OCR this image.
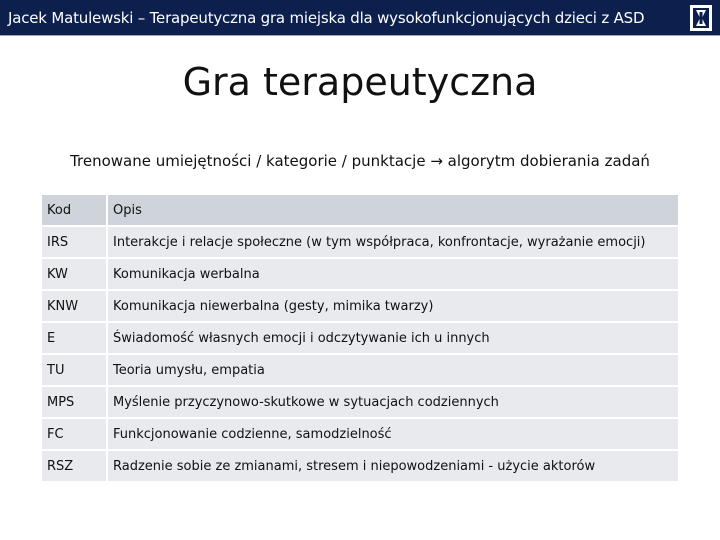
Jacek Matulewski – Terapeutyczna gra miejska dla wysokofunkcjonujących dzieci z ASD
Gra terapeutyczna
Trenowane umiejętności / kategorie / punktacje → algorytm dobierania zadań
Kod	Opis
IRS	Interakcje i relacje społeczne (w tym współpraca, konfrontacje, wyrażanie emocji)
KW	Komunikacja werbalna
KNW	Komunikacja niewerbalna (gesty, mimika twarzy)
E	Świadomość własnych emocji i odczytywanie ich u innych
TU	Teoria umysłu, empatia
MPS	Myślenie przyczynowo-skutkowe w sytuacjach codziennych
FC	Funkcjonowanie codzienne, samodzielność
RSZ	Radzenie sobie ze zmianami, stresem i niepowodzeniami - użycie aktorów
